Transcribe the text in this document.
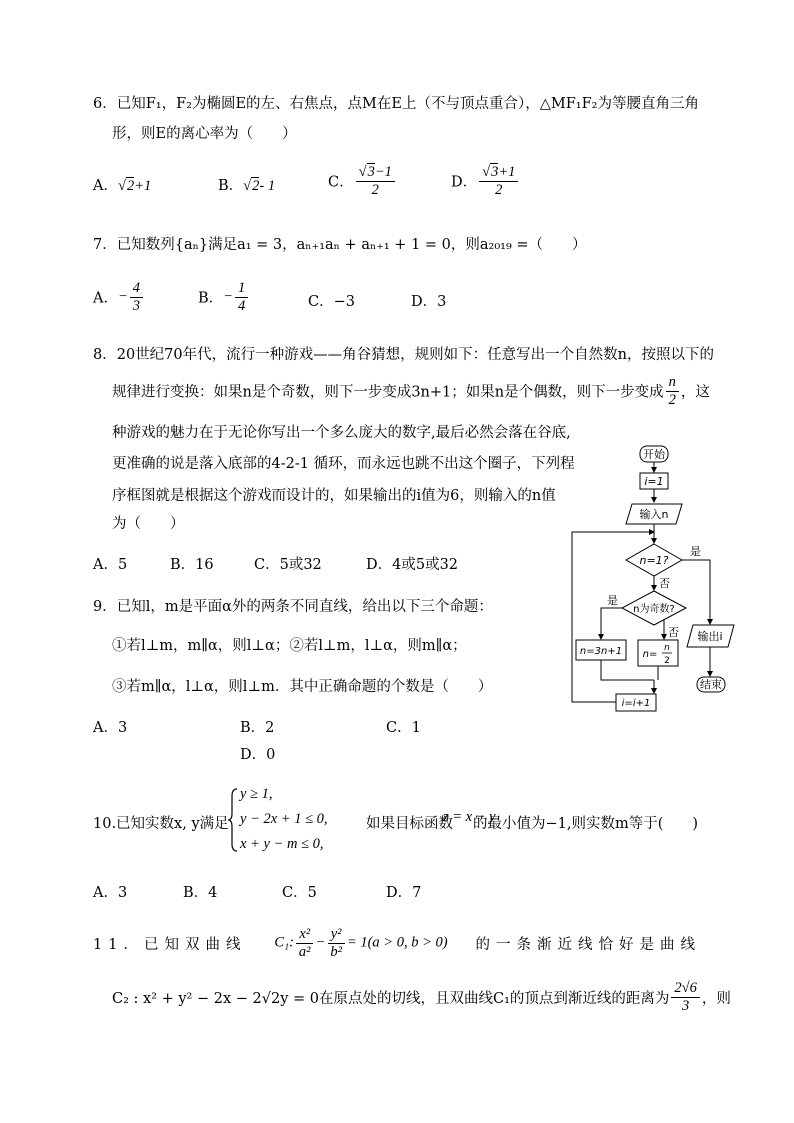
6．已知F₁，F₂为椭圆E的左、右焦点，点M在E上（不与顶点重合），△MF₁F₂为等腰直角三角
形，则E的离心率为（　　）
A．√2+1	B．√2- 1	C． $\frac{√3-1}{2}$	D． $\frac{√3+1}{2}$
7．已知数列{aₙ}满足a₁ = 3，aₙ₊₁aₙ + aₙ₊₁ + 1 = 0，则a₂₀₁₉ =（　　）
A．− $\frac{4}{3}$	B．− $\frac{1}{4}$	C．−3	D．3
8．20世纪70年代，流行一种游戏——角谷猜想，规则如下：任意写出一个自然数n，按照以下的
规律进行变换：如果n是个奇数，则下一步变成3n+1；如果n是个偶数，则下一步变成 $\frac{n}{2}$ ，这
种游戏的魅力在于无论你写出一个多么庞大的数字,最后必然会落在谷底,
更准确的说是落入底部的4-2-1 循环，而永远也跳不出这个圈子，下列程
序框图就是根据这个游戏而设计的，如果输出的i值为6，则输入的n值
为（　　）
A．5	B．16	C．5或32	D．4或5或32
开始
i=1
输入n
n=1?
是
否
n为奇数?
是
否
n=3n+1 n=
n
2
i=i+1
输出i
结束
9．已知l，m是平面α外的两条不同直线，给出以下三个命题：
①若l⊥m，m∥α，则l⊥α；②若l⊥m，l⊥α，则m∥α；
③若m∥α，l⊥α，则l⊥m．其中正确命题的个数是（　　）
A．3	B．2	C．1
D．0
10.已知实数x, y满足
y ≥ 1,
y − 2x + 1 ≤ 0,
x + y − m ≤ 0,
如果目标函数
z = x − y
的最小值为−1,则实数m等于(　　)
A．3	B．4	C．5	D．7
11．已知双曲线 C₁: $\frac{\text{x²}}{\text{a²}} - \frac{\text{y²}}{\text{b²}} = 1(a > 0$, b > 0) 的一条渐近线恰好是曲线
C₂ : x² + y² − 2x − 2√2y = 0在原点处的切线，且双曲线C₁的顶点到渐近线的距离为 $\frac{2√6}{3}$ ，则
